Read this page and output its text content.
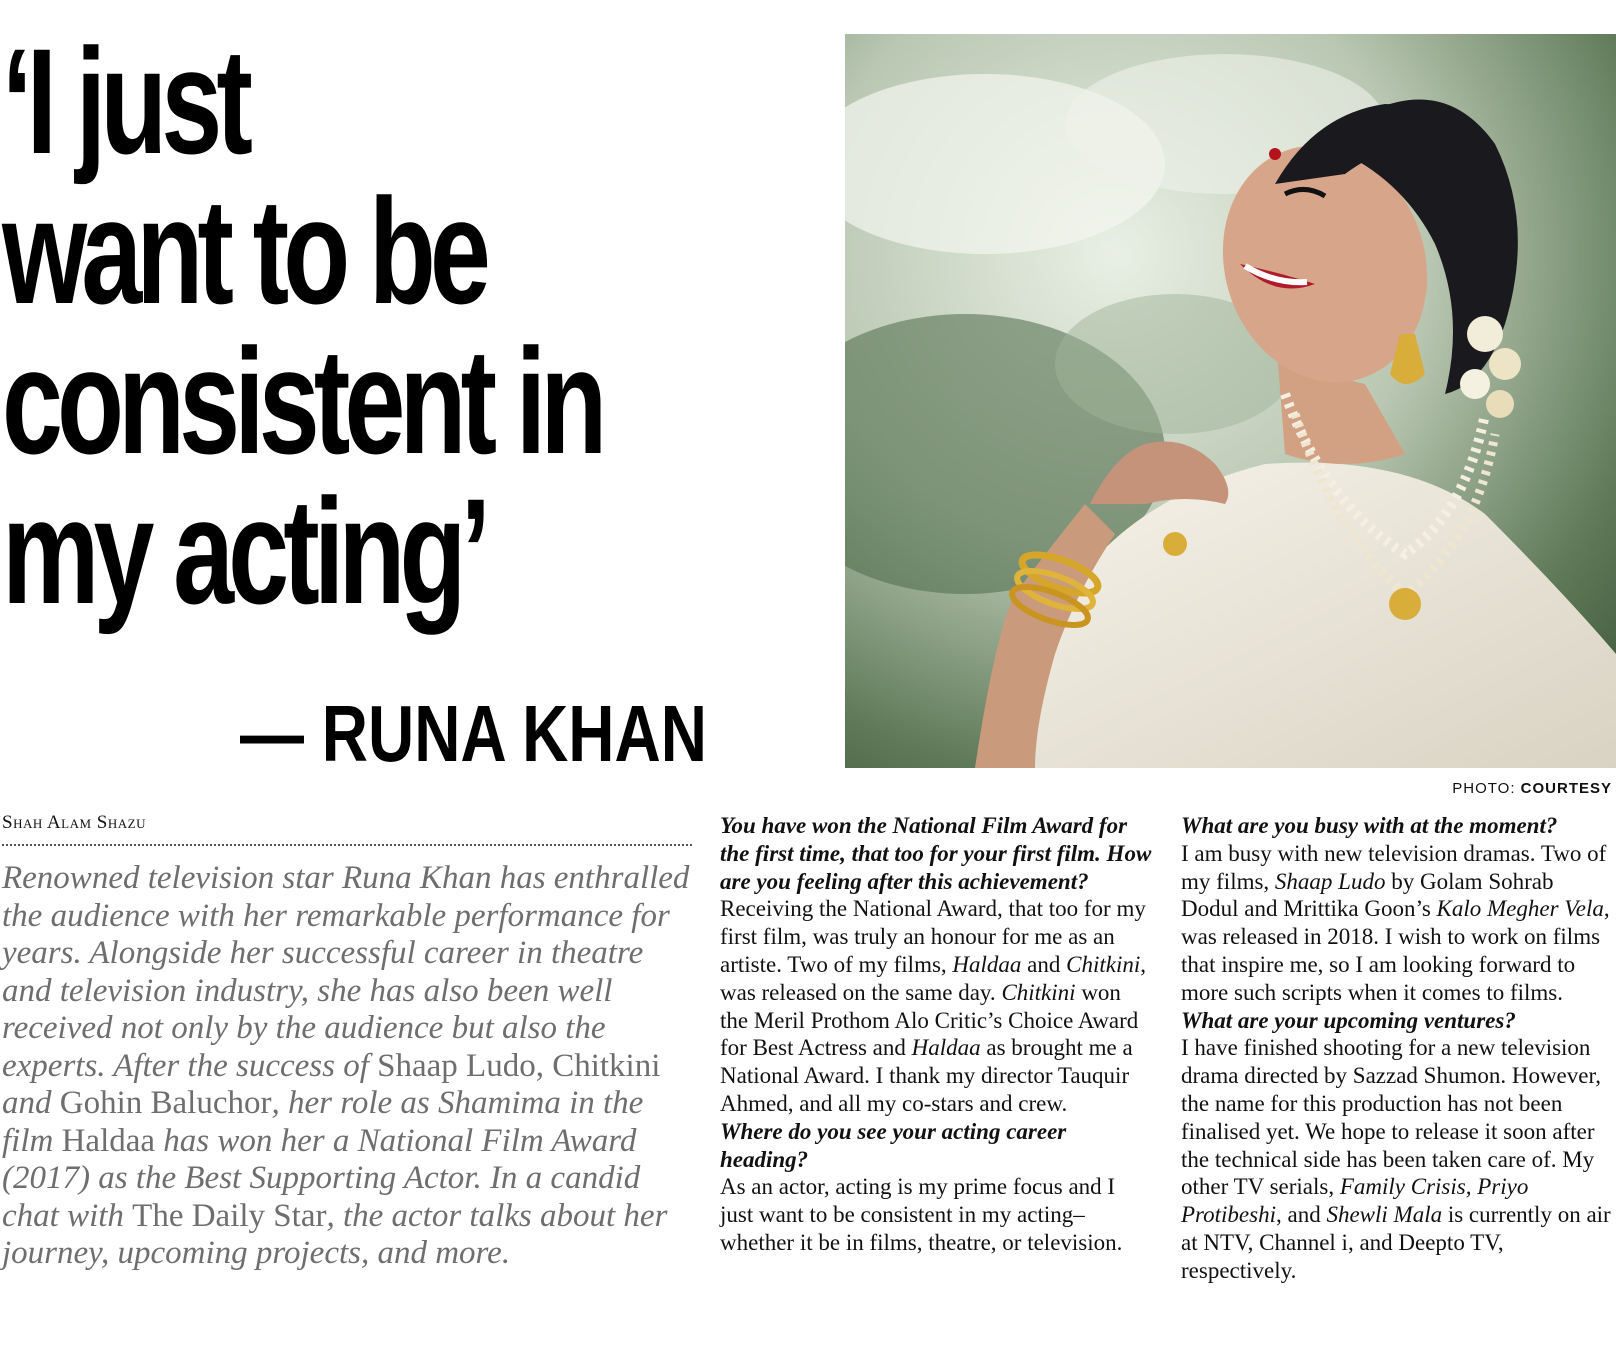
‘I just
want to be
consistent in
my acting’
— RUNA KHAN
PHOTO: COURTESY
Shah Alam Shazu

Renowned television star Runa Khan has enthralled the audience with her remarkable performance for years. Alongside her successful career in theatre and television industry, she has also been well received not only by the audience but also the experts. After the success of Shaap Ludo, Chitkini and Gohin Baluchor, her role as Shamima in the film Haldaa has won her a National Film Award (2017) as the Best Supporting Actor. In a candid chat with The Daily Star, the actor talks about her journey, upcoming projects, and more.

You have won the National Film Award for the first time, that too for your first film. How are you feeling after this achievement?
Receiving the National Award, that too for my first film, was truly an honour for me as an artiste. Two of my films, Haldaa and Chitkini, was released on the same day. Chitkini won the Meril Prothom Alo Critic’s Choice Award for Best Actress and Haldaa as brought me a National Award. I thank my director Tauquir Ahmed, and all my co-stars and crew.
Where do you see your acting career heading?
As an actor, acting is my prime focus and I just want to be consistent in my acting– whether it be in films, theatre, or television.
What are you busy with at the moment?
I am busy with new television dramas. Two of my films, Shaap Ludo by Golam Sohrab Dodul and Mrittika Goon’s Kalo Megher Vela, was released in 2018. I wish to work on films that inspire me, so I am looking forward to more such scripts when it comes to films.
What are your upcoming ventures?
I have finished shooting for a new television drama directed by Sazzad Shumon. However, the name for this production has not been finalised yet. We hope to release it soon after the technical side has been taken care of. My other TV serials, Family Crisis, Priyo Protibeshi, and Shewli Mala is currently on air at NTV, Channel i, and Deepto TV, respectively.
